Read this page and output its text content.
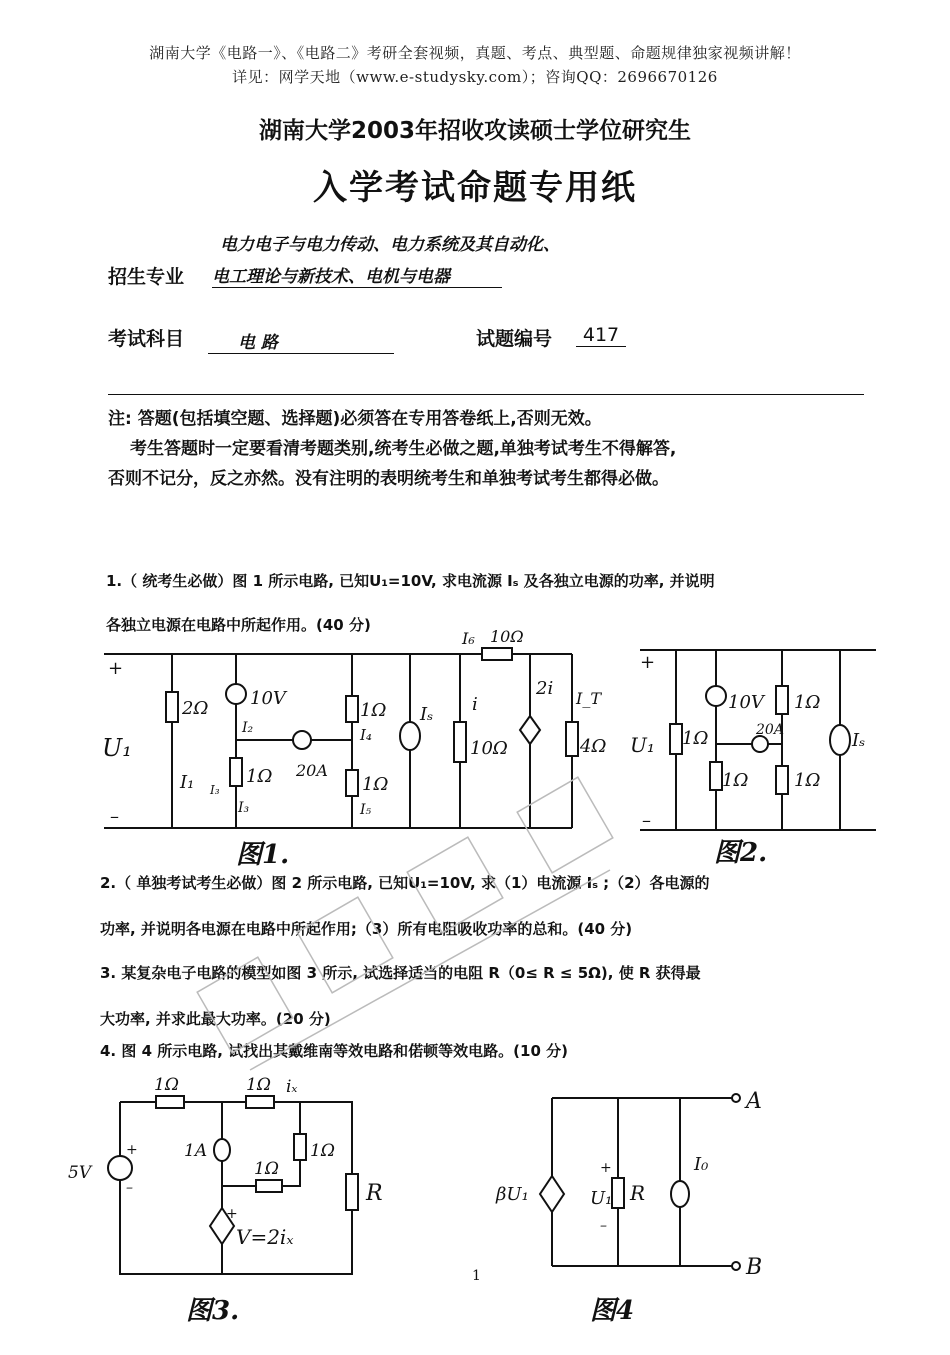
湖南大学《电路一》、《电路二》考研全套视频，真题、考点、典型题、命题规律独家视频讲解！
详见：网学天地（www.e-studysky.com）；咨询QQ：2696670126
湖南大学2003年招收攻读硕士学位研究生
入学考试命题专用纸
电力电子与电力传动、电力系统及其自动化、
招生专业 电工理论与新技术、电机与电器
考试科目	电 路	试题编号	417
注: 答题(包括填空题、选择题)必须答在专用答卷纸上,否则无效。
考生答题时一定要看清考题类别,统考生必做之题,单独考试考生不得解答,
否则不记分，反之亦然。没有注明的表明统考生和单独考试考生都得必做。
1.（ 统考生必做）图 1 所示电路, 已知U₁=10V, 求电流源 Iₛ 及各独立电源的功率, 并说明
各独立电源在电路中所起作用。(40 分)
2.（ 单独考试考生必做）图 2 所示电路, 已知U₁=10V, 求（1）电流源 Iₛ ;（2）各电源的
功率, 并说明各电源在电路中所起作用;（3）所有电阻吸收功率的总和。(40 分)
3. 某复杂电子电路的模型如图 3 所示, 试选择适当的电阻 R（0≤ R ≤ 5Ω), 使 R 获得最
大功率, 并求此最大功率。(20 分)
4. 图 4 所示电路, 试找出其戴维南等效电路和偌顿等效电路。(10 分)
+
–
U₁
2Ω
I₁
10V
I₂
1Ω
I₃
20A
1Ω
I₄
1Ω
I₅
Iₛ
I₆ 10Ω
i
10Ω
2i I_T
4Ω
I₃
图1.
+
–
U₁ 1Ω
10V
1Ω
20A
1Ω
1Ω
Iₛ
图2.
1Ω	1Ω iₓ
5V
+
–
1A	1Ω
1Ω
R
+
V=2iₓ
图3.
A
B
βU₁	U₁
+
–
R
I₀
图4
1
